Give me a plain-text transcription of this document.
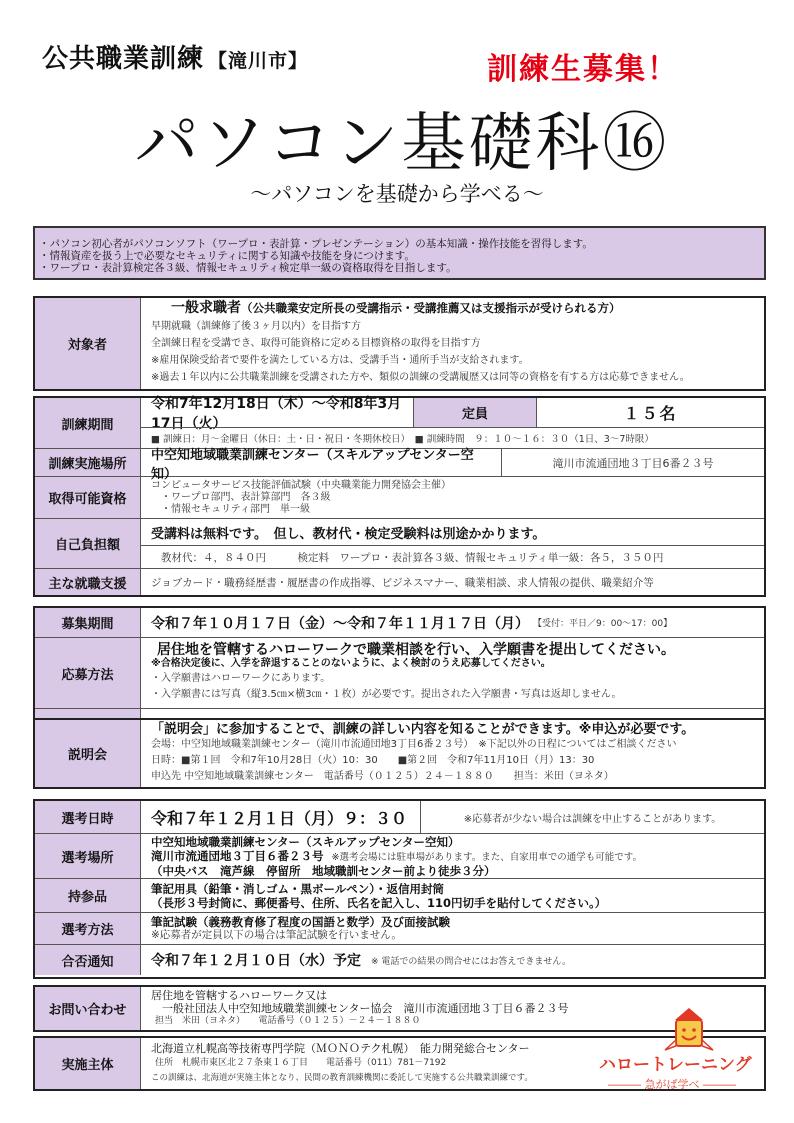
公共職業訓練 【滝川市】	訓練生募集！
パソコン基礎科⑯
～パソコンを基礎から学べる～
・パソコン初心者がパソコンソフト（ワープロ・表計算・プレゼンテーション）の基本知識・操作技能を習得します。
・情報資産を扱う上で必要なセキュリティに関する知識や技能を身につけます。
・ワープロ・表計算検定各３級、情報セキュリティ検定単一級の資格取得を目指します。
対象者
一般求職者（公共職業安定所長の受講指示・受講推薦又は支援指示が受けられる方）
早期就職（訓練修了後３ヶ月以内）を目指す方
全訓練日程を受講でき、取得可能資格に定める目標資格の取得を目指す方
※雇用保険受給者で要件を満たしている方は、受講手当・通所手当が支給されます。
※過去１年以内に公共職業訓練を受講された方や、類似の訓練の受講履歴又は同等の資格を有する方は応募できません。
訓練期間
令和7年12月18日（木）～令和8年3月17日（火）
定員	１５名
■ 訓練日：月～金曜日（休日：土・日・祝日・冬期休校日）　■ 訓練時間　９：１０～１６：３０（1日、3～7時限）
訓練実施場所
中空知地域職業訓練センター（スキルアップセンター空知）
滝川市流通団地３丁目6番２３号
取得可能資格
コンピュータサービス技能評価試験（中央職業能力開発協会主催）
　・ワープロ部門、表計算部門　各３級
　・情報セキュリティ部門　単一級
自己負担額
受講料は無料です。　但し、教材代・検定受験料は別途かかります。
教材代：４，８４０円　　　検定料　ワープロ・表計算各３級、情報セキュリティ単一級：各５，３５０円
主な就職支援	ジョブカード・職務経歴書・履歴書の作成指導、ビジネスマナー、職業相談、求人情報の提供、職業紹介等
募集期間	令和７年１０月１７日（金）～令和７年１１月１７日（月） 【受付：平日／9：00～17：00】
応募方法
居住地を管轄するハローワークで職業相談を行い、入学願書を提出してください。
※合格決定後に、入学を辞退することのないように、よく検討のうえ応募してください。
・入学願書はハローワークにあります。
・入学願書には写真（縦3.5㎝×横3㎝・１枚）が必要です。提出された入学願書・写真は返却しません。
説明会
「説明会」に参加することで、訓練の詳しい内容を知ることができます。※申込が必要です。
会場：中空知地域職業訓練センター（滝川市流通団地3丁目6番２３号）　※下記以外の日程についてはご相談ください
日時：■第１回　令和7年10月28日（火）10：30　　■第２回　令和7年11月10日（月）13：30
申込先 中空知地域職業訓練センター　電話番号（０１２５）２４－１８８０　　担当：米田（ヨネタ）
選考日時	令和７年１２月１日（月）９：３０	※応募者が少ない場合は訓練を中止することがあります。
選考場所
中空知地域職業訓練センター（スキルアップセンター空知）
滝川市流通団地３丁目６番２３号 ※選考会場には駐車場があります。また、自家用車での通学も可能です。
（中央バス　滝芦線　停留所　地域職訓センター前より徒歩３分）
持参品
筆記用具（鉛筆・消しゴム・黒ボールペン）・返信用封筒
（長形３号封筒に、郵便番号、住所、氏名を記入し、110円切手を貼付してください。）
選考方法
筆記試験（義務教育修了程度の国語と数学）及び面接試験
※応募者が定員以下の場合は筆記試験を行いません。
合否通知	令和７年１２月１０日（水）予定 ※ 電話での結果の問合せにはお答えできません。
お問い合わせ
居住地を管轄するハローワーク又は
　一般社団法人中空知地域職業訓練センター協会　滝川市流通団地３丁目６番２３号
担当　米田（ヨネタ）　　電話番号（０１２５）－２４－１８８０
実施主体
北海道立札幌高等技術専門学院（ＭＯＮＯテク札幌）　能力開発総合センター
住所　札幌市東区北２７条東１６丁目　　電話番号（011）781－7192
この訓練は、北海道が実施主体となり、民間の教育訓練機関に委託して実施する公共職業訓練です。
ハロートレーニング
――― 急がば学べ ―――
